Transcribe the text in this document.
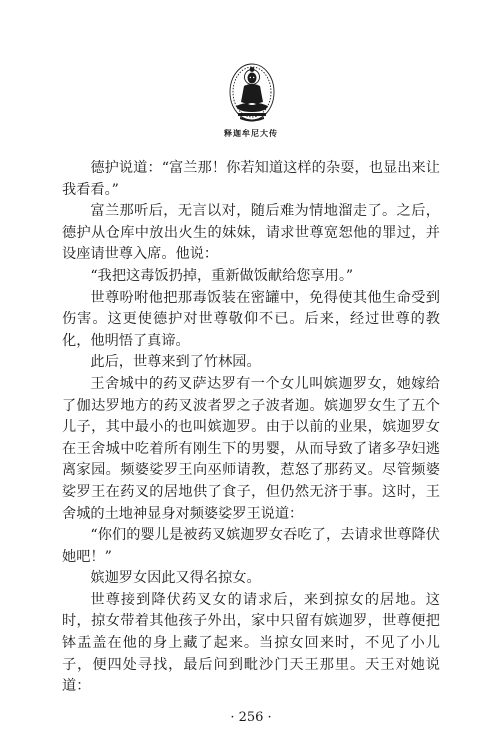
释迦牟尼大传

德护说道：“富兰那！你若知道这样的杂耍，也显出来让我看看。”

富兰那听后，无言以对，随后难为情地溜走了。之后，德护从仓库中放出火生的妹妹，请求世尊宽恕他的罪过，并设座请世尊入席。他说：

“我把这毒饭扔掉，重新做饭献给您享用。”

世尊吩咐他把那毒饭装在密罐中，免得使其他生命受到伤害。这更使德护对世尊敬仰不已。后来，经过世尊的教化，他明悟了真谛。

此后，世尊来到了竹林园。

王舍城中的药叉萨达罗有一个女儿叫嫔迦罗女，她嫁给了伽达罗地方的药叉波者罗之子波者迦。嫔迦罗女生了五个儿子，其中最小的也叫嫔迦罗。由于以前的业果，嫔迦罗女在王舍城中吃着所有刚生下的男婴，从而导致了诸多孕妇逃离家园。频婆娑罗王向巫师请教，惹怒了那药叉。尽管频婆娑罗王在药叉的居地供了食子，但仍然无济于事。这时，王舍城的土地神显身对频婆娑罗王说道：

“你们的婴儿是被药叉嫔迦罗女吞吃了，去请求世尊降伏她吧！”

嫔迦罗女因此又得名掠女。

世尊接到降伏药叉女的请求后，来到掠女的居地。这时，掠女带着其他孩子外出，家中只留有嫔迦罗，世尊便把钵盂盖在他的身上藏了起来。当掠女回来时，不见了小儿子，便四处寻找，最后问到毗沙门天王那里。天王对她说道：

· 256 ·
